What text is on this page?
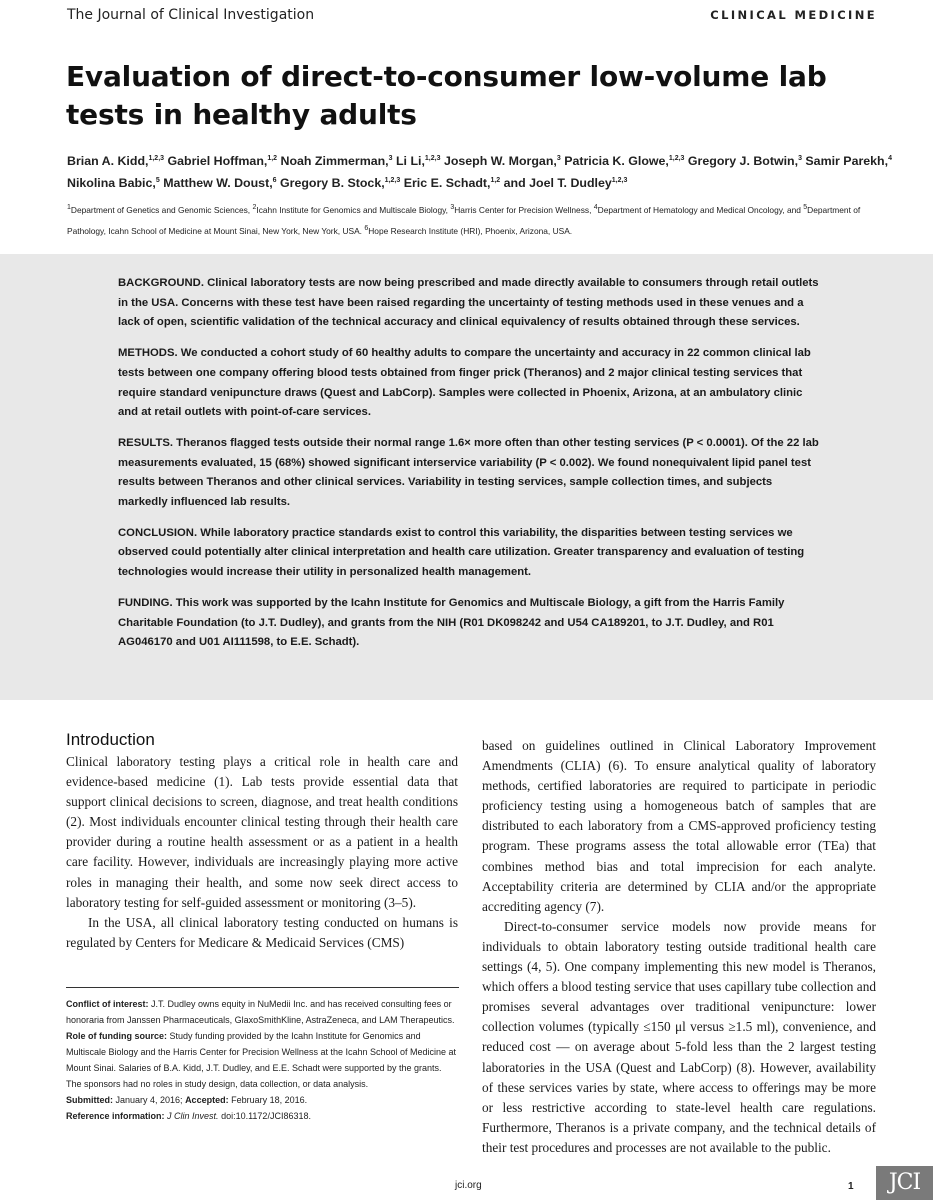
The Journal of Clinical Investigation	CLINICAL MEDICINE
Evaluation of direct-to-consumer low-volume lab tests in healthy adults
Brian A. Kidd,$^{1,2,3}$ Gabriel Hoffman,$^{1,2}$ Noah Zimmerman,$^3$ Li Li,$^{1,2,3}$ Joseph W. Morgan,$^3$ Patricia K. Glowe,$^{1,2,3}$ Gregory J. Botwin,$^3$ Samir Parekh,$^4$ Nikolina Babic,$^5$ Matthew W. Doust,$^6$ Gregory B. Stock,$^{1,2,3}$ Eric E. Schadt,$^{1,2}$ and Joel T. Dudley$^{1,2,3}$
$^1$Department of Genetics and Genomic Sciences, $^2$Icahn Institute for Genomics and Multiscale Biology, $^3$Harris Center for Precision Wellness, $^4$Department of Hematology and Medical Oncology, and $^5$Department of Pathology, Icahn School of Medicine at Mount Sinai, New York, New York, USA. $^6$Hope Research Institute (HRI), Phoenix, Arizona, USA.

BACKGROUND. Clinical laboratory tests are now being prescribed and made directly available to consumers through retail outlets in the USA. Concerns with these test have been raised regarding the uncertainty of testing methods used in these venues and a lack of open, scientific validation of the technical accuracy and clinical equivalency of results obtained through these services.

METHODS. We conducted a cohort study of 60 healthy adults to compare the uncertainty and accuracy in 22 common clinical lab tests between one company offering blood tests obtained from finger prick (Theranos) and 2 major clinical testing services that require standard venipuncture draws (Quest and LabCorp). Samples were collected in Phoenix, Arizona, at an ambulatory clinic and at retail outlets with point-of-care services.

RESULTS. Theranos flagged tests outside their normal range 1.6× more often than other testing services (P < 0.0001). Of the 22 lab measurements evaluated, 15 (68%) showed significant interservice variability (P < 0.002). We found nonequivalent lipid panel test results between Theranos and other clinical services. Variability in testing services, sample collection times, and subjects markedly influenced lab results.

CONCLUSION. While laboratory practice standards exist to control this variability, the disparities between testing services we observed could potentially alter clinical interpretation and health care utilization. Greater transparency and evaluation of testing technologies would increase their utility in personalized health management.

FUNDING. This work was supported by the Icahn Institute for Genomics and Multiscale Biology, a gift from the Harris Family Charitable Foundation (to J.T. Dudley), and grants from the NIH (R01 DK098242 and U54 CA189201, to J.T. Dudley, and R01 AG046170 and U01 AI111598, to E.E. Schadt).

Introduction

Clinical laboratory testing plays a critical role in health care and evidence-based medicine (1). Lab tests provide essential data that support clinical decisions to screen, diagnose, and treat health conditions (2). Most individuals encounter clinical testing through their health care provider during a routine health assessment or as a patient in a health care facility. However, individuals are increasingly playing more active roles in managing their health, and some now seek direct access to laboratory testing for self-guided assessment or monitoring (3–5).

In the USA, all clinical laboratory testing conducted on humans is regulated by Centers for Medicare & Medicaid Services (CMS)

based on guidelines outlined in Clinical Laboratory Improvement Amendments (CLIA) (6). To ensure analytical quality of laboratory methods, certified laboratories are required to participate in periodic proficiency testing using a homogeneous batch of samples that are distributed to each laboratory from a CMS-approved proficiency testing program. These programs assess the total allowable error (TEa) that combines method bias and total imprecision for each analyte. Acceptability criteria are determined by CLIA and/or the appropriate accrediting agency (7).

Direct-to-consumer service models now provide means for individuals to obtain laboratory testing outside traditional health care settings (4, 5). One company implementing this new model is Theranos, which offers a blood testing service that uses capillary tube collection and promises several advantages over traditional venipuncture: lower collection volumes (typically ≤150 μl versus ≥1.5 ml), convenience, and reduced cost — on average about 5-fold less than the 2 largest testing laboratories in the USA (Quest and LabCorp) (8). However, availability of these services varies by state, where access to offerings may be more or less restrictive according to state-level health care regulations. Furthermore, Theranos is a private company, and the technical details of their test procedures and processes are not available to the public.

Conflict of interest: J.T. Dudley owns equity in NuMedii Inc. and has received consulting fees or honoraria from Janssen Pharmaceuticals, GlaxoSmithKline, AstraZeneca, and LAM Therapeutics.

Role of funding source: Study funding provided by the Icahn Institute for Genomics and Multiscale Biology and the Harris Center for Precision Wellness at the Icahn School of Medicine at Mount Sinai. Salaries of B.A. Kidd, J.T. Dudley, and E.E. Schadt were supported by the grants. The sponsors had no roles in study design, data collection, or data analysis.

Submitted: January 4, 2016; Accepted: February 18, 2016.

Reference information: J Clin Invest. doi:10.1172/JCI86318.

jci.org	1	JCI
